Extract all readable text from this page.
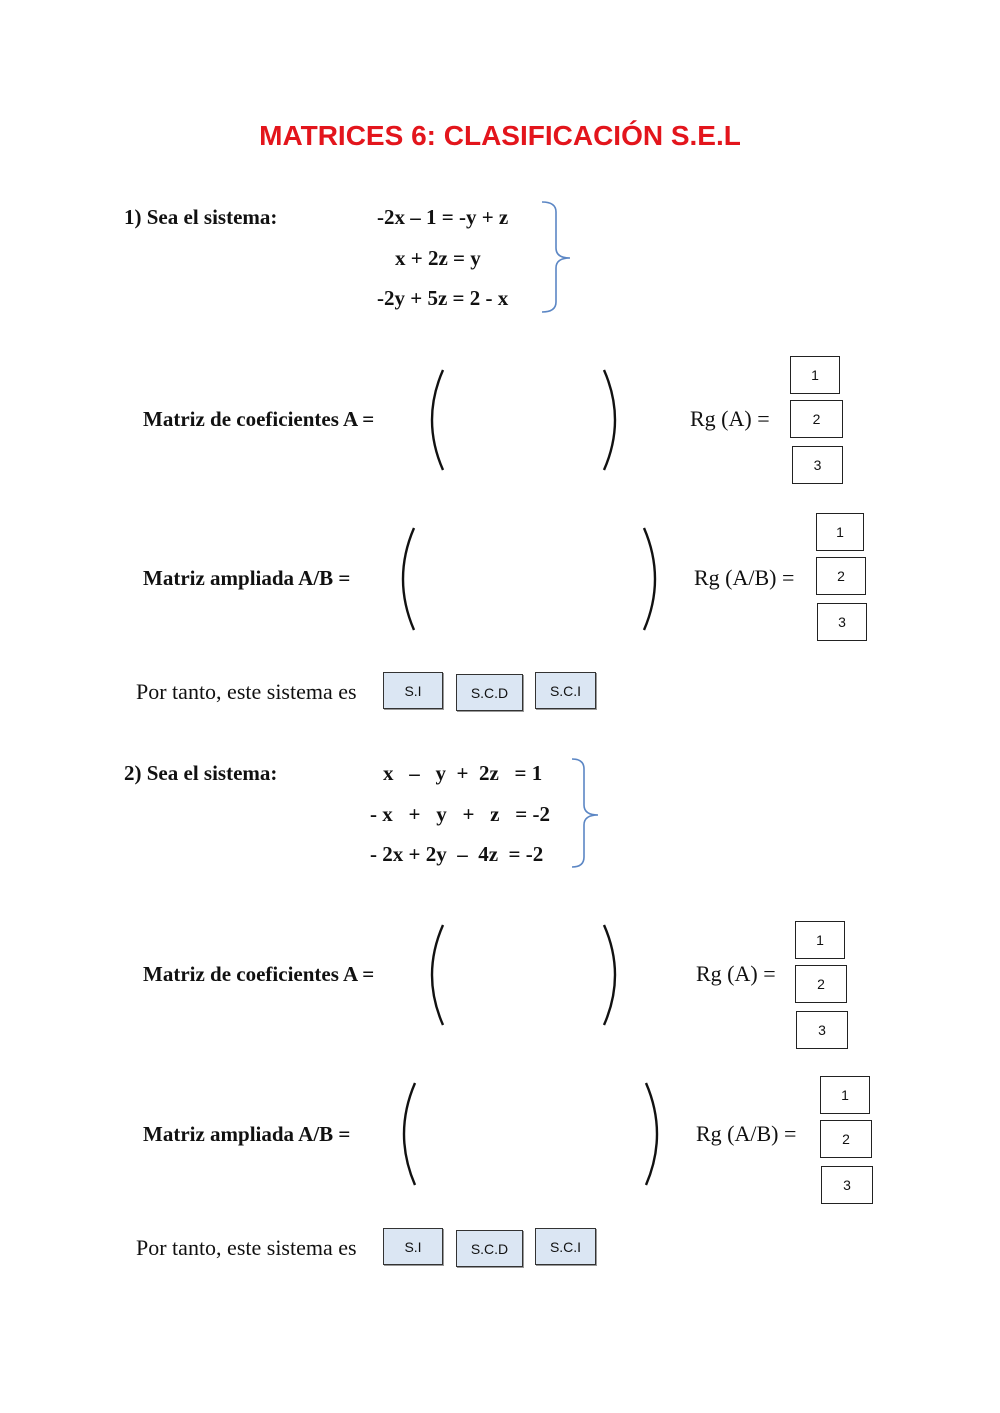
MATRICES 6: CLASIFICACIÓN S.E.L
1) Sea el sistema:	-2x – 1 = -y + z
x + 2z = y
-2y + 5z = 2 - x
Matriz de coeficientes A =	Rg (A) =
1
2
3
Matriz ampliada A/B =	Rg (A/B) =
1
2
3
Por tanto, este sistema es	S.I	S.C.D	S.C.I
2) Sea el sistema:	x   –   y  +  2z   = 1
- x   +   y   +   z   = -2
- 2x + 2y  –  4z  = -2
Matriz de coeficientes A =	Rg (A) =
1
2
3
Matriz ampliada A/B =	Rg (A/B) =
1
2
3
Por tanto, este sistema es	S.I	S.C.D	S.C.I
